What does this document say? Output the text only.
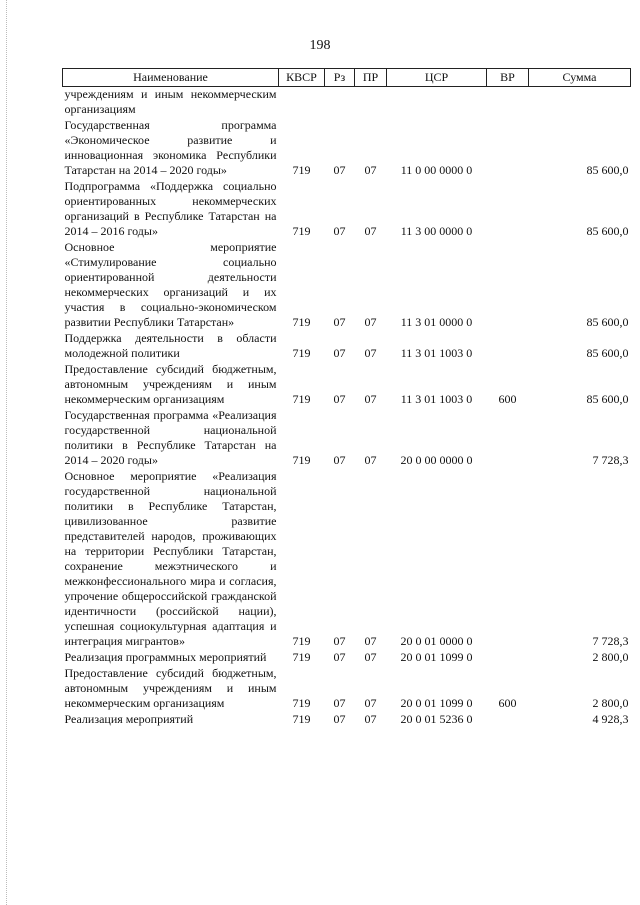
198
Наименование	КВСР	Рз	ПР	ЦСР	ВР	Сумма
учреждениям и иным некоммерческим организациям						
Государственная программа «Экономическое развитие и инновационная экономика Республики Татарстан на 2014 – 2020 годы»	719	07	07	11 0 00 0000 0		85 600,0
Подпрограмма «Поддержка социально ориентированных некоммерческих организаций в Республике Татарстан на 2014 – 2016 годы»	719	07	07	11 3 00 0000 0		85 600,0
Основное мероприятие «Стимулирование социально ориентированной деятельности некоммерческих организаций и их участия в социально-экономическом развитии Республики Татарстан»	719	07	07	11 3 01 0000 0		85 600,0
Поддержка деятельности в области молодежной политики	719	07	07	11 3 01 1003 0		85 600,0
Предоставление субсидий бюджетным, автономным учреждениям и иным некоммерческим организациям	719	07	07	11 3 01 1003 0	600	85 600,0
Государственная программа «Реализация государственной национальной политики в Республике Татарстан на 2014 – 2020 годы»	719	07	07	20 0 00 0000 0		7 728,3
Основное мероприятие «Реализация государственной национальной политики в Республике Татарстан, цивилизованное развитие представителей народов, проживающих на территории Республики Татарстан, сохранение межэтнического и межконфессионального мира и согласия, упрочение общероссийской гражданской идентичности (российской нации), успешная социокультурная адаптация и интеграция мигрантов»	719	07	07	20 0 01 0000 0		7 728,3
Реализация программных мероприятий	719	07	07	20 0 01 1099 0		2 800,0
Предоставление субсидий бюджетным, автономным учреждениям и иным некоммерческим организациям	719	07	07	20 0 01 1099 0	600	2 800,0
Реализация мероприятий	719	07	07	20 0 01 5236 0		4 928,3
